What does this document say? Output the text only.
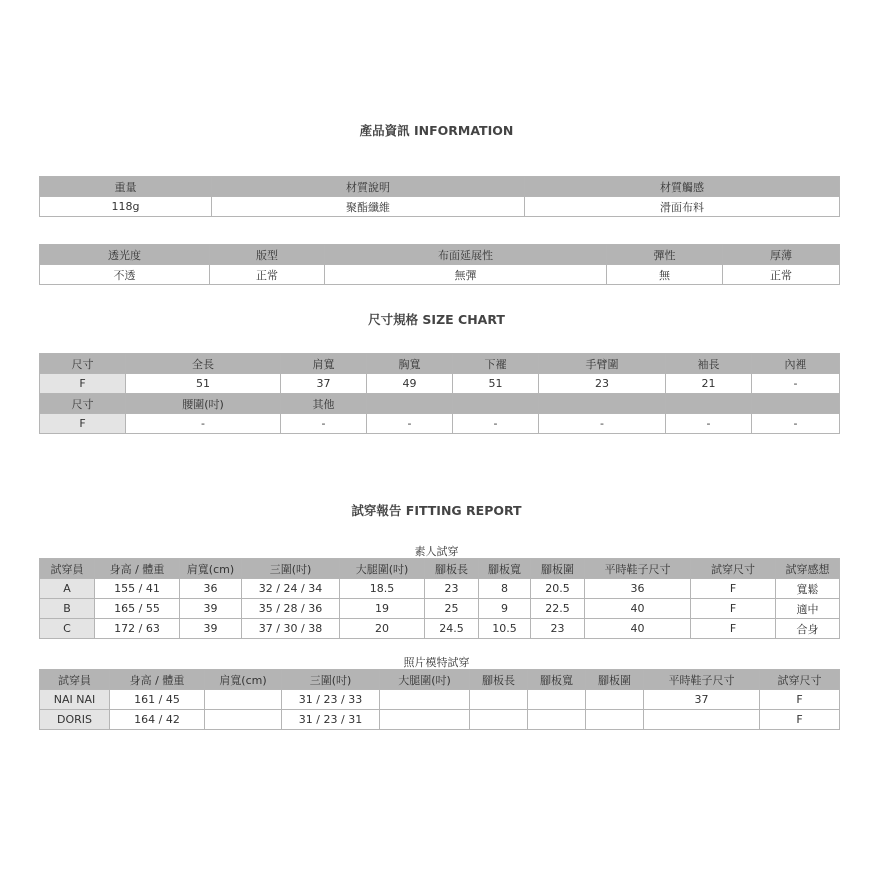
產品資訊 INFORMATION
重量	材質說明	材質觸感
118g	聚酯纖維	滑面布料
透光度	版型	布面延展性	彈性	厚薄
不透	正常	無彈	無	正常
尺寸規格 SIZE CHART
尺寸	全長	肩寬	胸寬	下襬	手臂圍	袖長	內裡
F	51	37	49	51	23	21	-
尺寸	腰圍(吋)	其他					
F	-	-	-	-	-	-	-
試穿報告 FITTING REPORT
素人試穿
試穿員	身高 / 體重	肩寬(cm)	三圍(吋)	大腿圍(吋)	腳板長	腳板寬	腳板圍	平時鞋子尺寸	試穿尺寸	試穿感想
A	155 / 41	36	32 / 24 / 34	18.5	23	8	20.5	36	F	寬鬆
B	165 / 55	39	35 / 28 / 36	19	25	9	22.5	40	F	適中
C	172 / 63	39	37 / 30 / 38	20	24.5	10.5	23	40	F	合身
照片模特試穿
試穿員	身高 / 體重	肩寬(cm)	三圍(吋)	大腿圍(吋)	腳板長	腳板寬	腳板圍	平時鞋子尺寸	試穿尺寸
NAI NAI	161 / 45		31 / 23 / 33					37	F
DORIS	164 / 42		31 / 23 / 31						F
